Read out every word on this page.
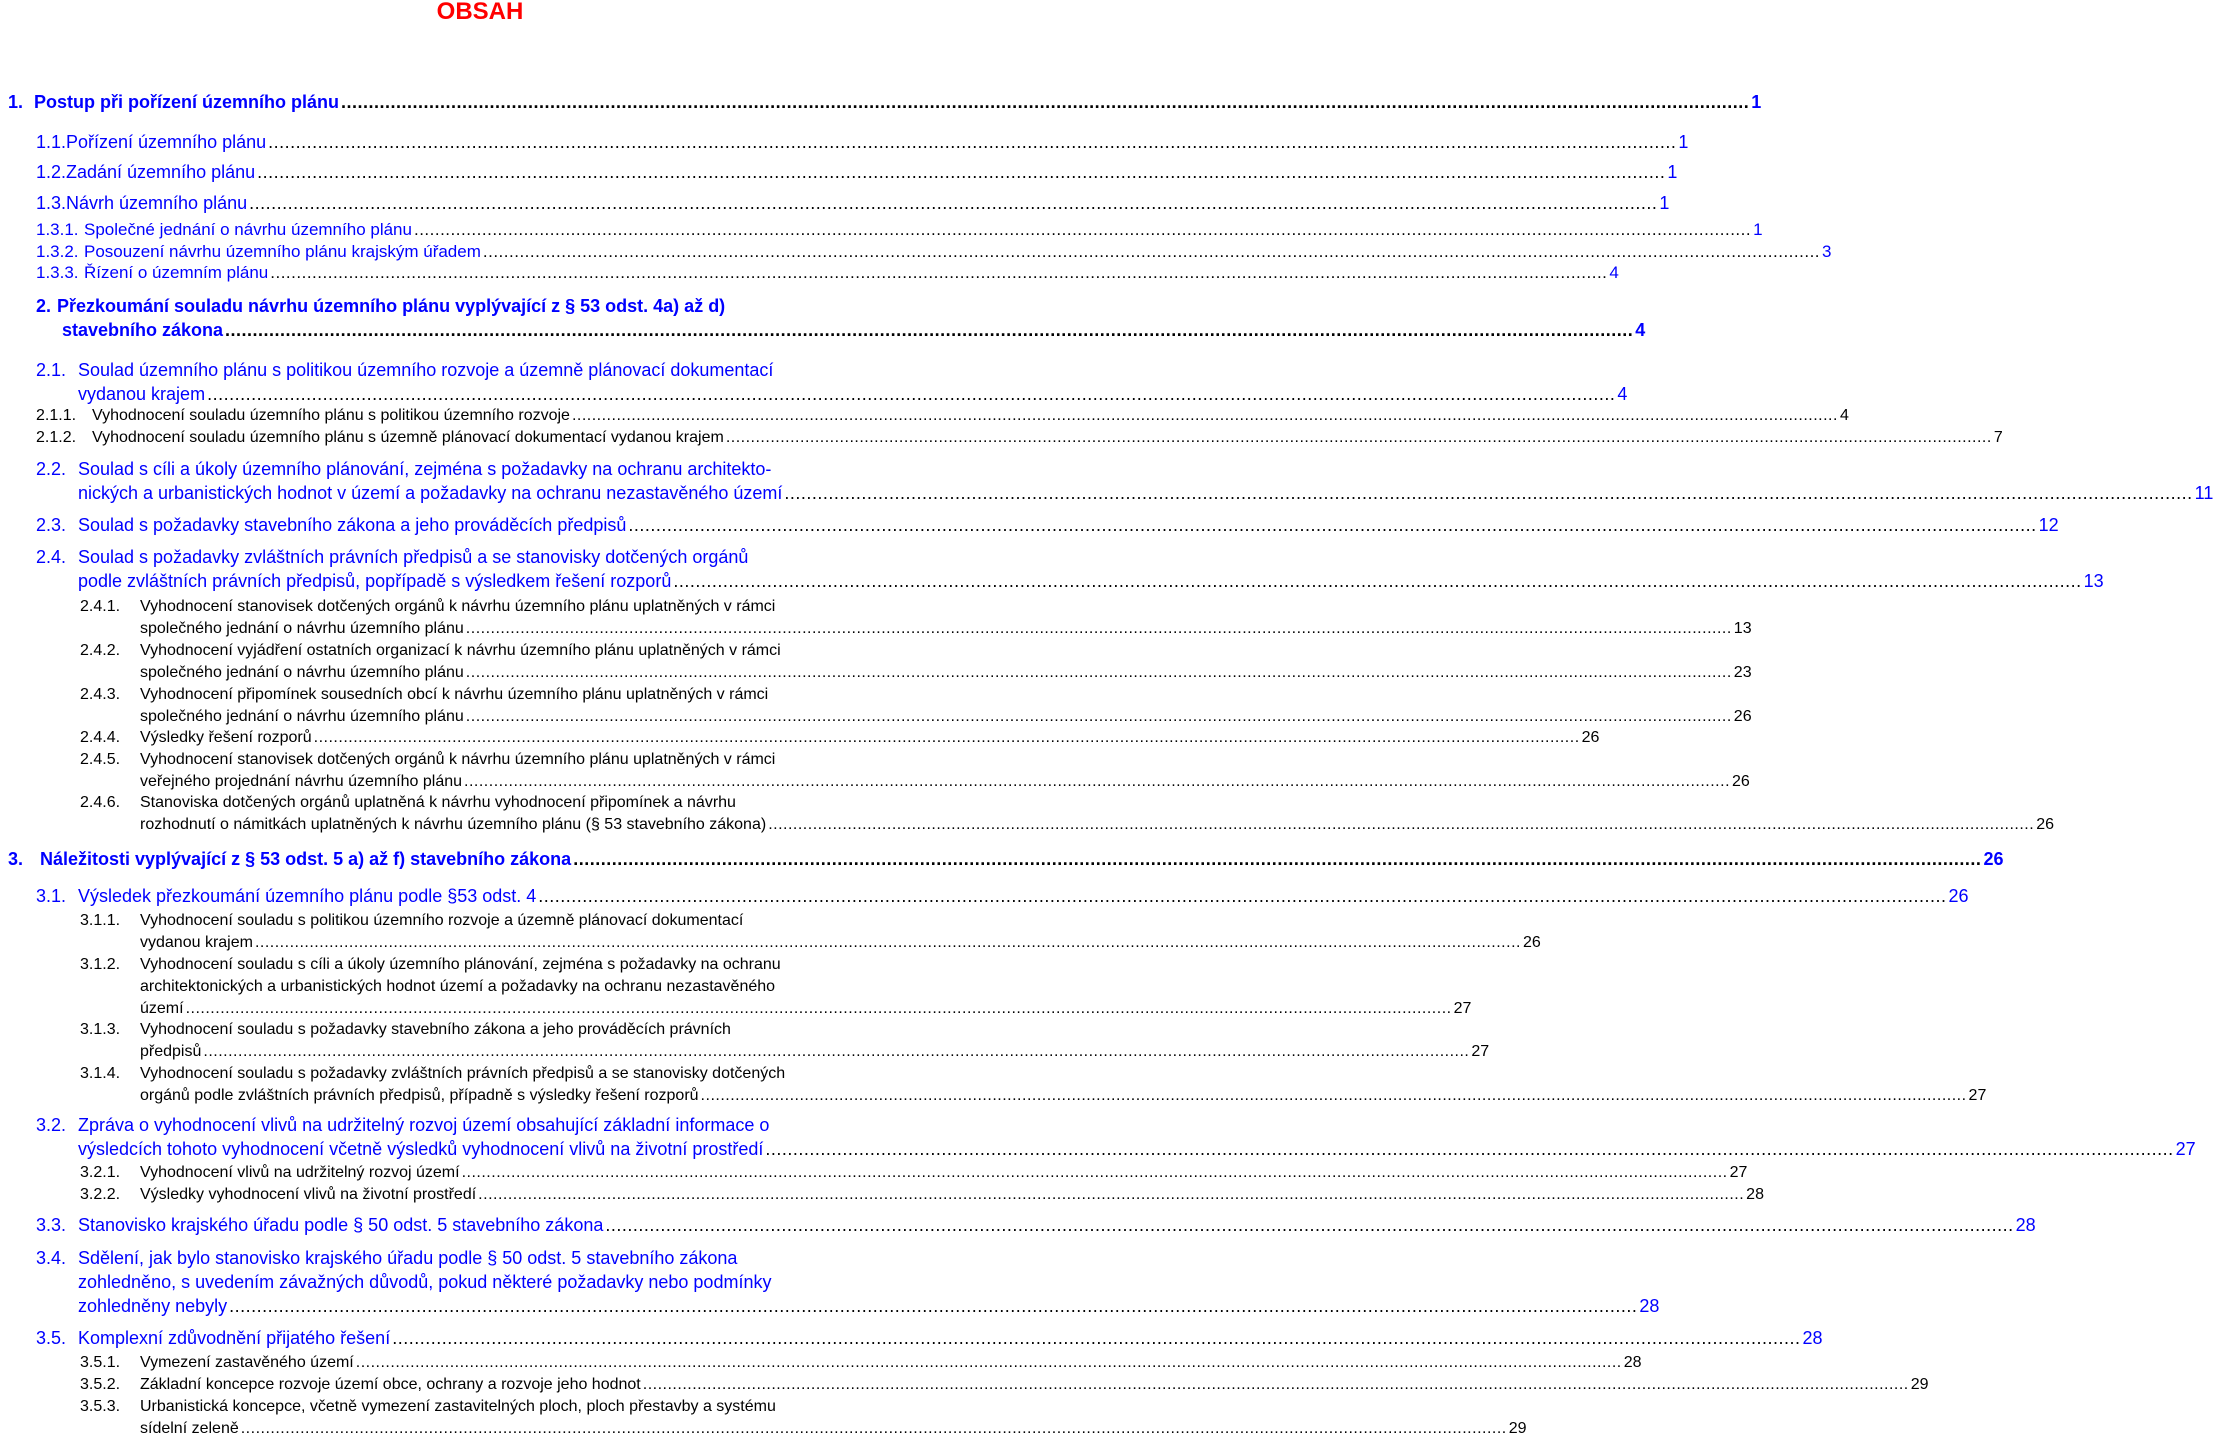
OBSAH
1. Postup při pořízení územního plánu ................................................................................................................................................................................................................................................................ 1
1.1. Pořízení územního plánu ................................................................................................................................................................................................................................................................ 1
1.2. Zadání územního plánu ................................................................................................................................................................................................................................................................ 1
1.3. Návrh územního plánu ................................................................................................................................................................................................................................................................ 1
1.3.1. Společné jednání o návrhu územního plánu ................................................................................................................................................................................................................................................................ 1
1.3.2. Posouzení návrhu územního plánu krajským úřadem ................................................................................................................................................................................................................................................................ 3
1.3.3. Řízení o územním plánu ................................................................................................................................................................................................................................................................ 4
2. Přezkoumání souladu návrhu územního plánu vyplývající z § 53 odst. 4a) až d)
stavebního zákona ................................................................................................................................................................................................................................................................ 4
2.1. Soulad územního plánu s politikou územního rozvoje a územně plánovací dokumentací
vydanou krajem ................................................................................................................................................................................................................................................................ 4
2.1.1. Vyhodnocení souladu územního plánu s politikou územního rozvoje ................................................................................................................................................................................................................................................................ 4
2.1.2. Vyhodnocení souladu územního plánu s územně plánovací dokumentací vydanou krajem ................................................................................................................................................................................................................................................................ 7
2.2. Soulad s cíli a úkoly územního plánování, zejména s požadavky na ochranu architekto-
nických a urbanistických hodnot v území a požadavky na ochranu nezastavěného území ................................................................................................................................................................................................................................................................ 11
2.3. Soulad s požadavky stavebního zákona a jeho prováděcích předpisů ................................................................................................................................................................................................................................................................ 12
2.4. Soulad s požadavky zvláštních právních předpisů a se stanovisky dotčených orgánů
podle zvláštních právních předpisů, popřípadě s výsledkem řešení rozporů ................................................................................................................................................................................................................................................................ 13
2.4.1. Vyhodnocení stanovisek dotčených orgánů k návrhu územního plánu uplatněných v rámci
společného jednání o návrhu územního plánu ................................................................................................................................................................................................................................................................ 13
2.4.2. Vyhodnocení vyjádření ostatních organizací k návrhu územního plánu uplatněných v rámci
společného jednání o návrhu územního plánu ................................................................................................................................................................................................................................................................ 23
2.4.3. Vyhodnocení připomínek sousedních obcí k návrhu územního plánu uplatněných v rámci
společného jednání o návrhu územního plánu ................................................................................................................................................................................................................................................................ 26
2.4.4. Výsledky řešení rozporů ................................................................................................................................................................................................................................................................ 26
2.4.5. Vyhodnocení stanovisek dotčených orgánů k návrhu územního plánu uplatněných v rámci
veřejného projednání návrhu územního plánu ................................................................................................................................................................................................................................................................ 26
2.4.6. Stanoviska dotčených orgánů uplatněná k návrhu vyhodnocení připomínek a návrhu
rozhodnutí o námitkách uplatněných k návrhu územního plánu (§ 53 stavebního zákona) ................................................................................................................................................................................................................................................................ 26
3. Náležitosti vyplývající z § 53 odst. 5 a) až f) stavebního zákona ................................................................................................................................................................................................................................................................ 26
3.1. Výsledek přezkoumání územního plánu podle §53 odst. 4 ................................................................................................................................................................................................................................................................ 26
3.1.1. Vyhodnocení souladu s politikou územního rozvoje a územně plánovací dokumentací
vydanou krajem ................................................................................................................................................................................................................................................................ 26
3.1.2. Vyhodnocení souladu s cíli a úkoly územního plánování, zejména s požadavky na ochranu
architektonických a urbanistických hodnot území a požadavky na ochranu nezastavěného
území ................................................................................................................................................................................................................................................................ 27
3.1.3. Vyhodnocení souladu s požadavky stavebního zákona a jeho prováděcích právních
předpisů ................................................................................................................................................................................................................................................................ 27
3.1.4. Vyhodnocení souladu s požadavky zvláštních právních předpisů a se stanovisky dotčených
orgánů podle zvláštních právních předpisů, případně s výsledky řešení rozporů ................................................................................................................................................................................................................................................................ 27
3.2. Zpráva o vyhodnocení vlivů na udržitelný rozvoj území obsahující základní informace o
výsledcích tohoto vyhodnocení včetně výsledků vyhodnocení vlivů na životní prostředí ................................................................................................................................................................................................................................................................ 27
3.2.1. Vyhodnocení vlivů na udržitelný rozvoj území ................................................................................................................................................................................................................................................................ 27
3.2.2. Výsledky vyhodnocení vlivů na životní prostředí ................................................................................................................................................................................................................................................................ 28
3.3. Stanovisko krajského úřadu podle § 50 odst. 5 stavebního zákona ................................................................................................................................................................................................................................................................ 28
3.4. Sdělení, jak bylo stanovisko krajského úřadu podle § 50 odst. 5 stavebního zákona
zohledněno, s uvedením závažných důvodů, pokud některé požadavky nebo podmínky
zohledněny nebyly ................................................................................................................................................................................................................................................................ 28
3.5. Komplexní zdůvodnění přijatého řešení ................................................................................................................................................................................................................................................................ 28
3.5.1. Vymezení zastavěného území ................................................................................................................................................................................................................................................................ 28
3.5.2. Základní koncepce rozvoje území obce, ochrany a rozvoje jeho hodnot ................................................................................................................................................................................................................................................................ 29
3.5.3. Urbanistická koncepce, včetně vymezení zastavitelných ploch, ploch přestavby a systému
sídelní zeleně ................................................................................................................................................................................................................................................................ 29
